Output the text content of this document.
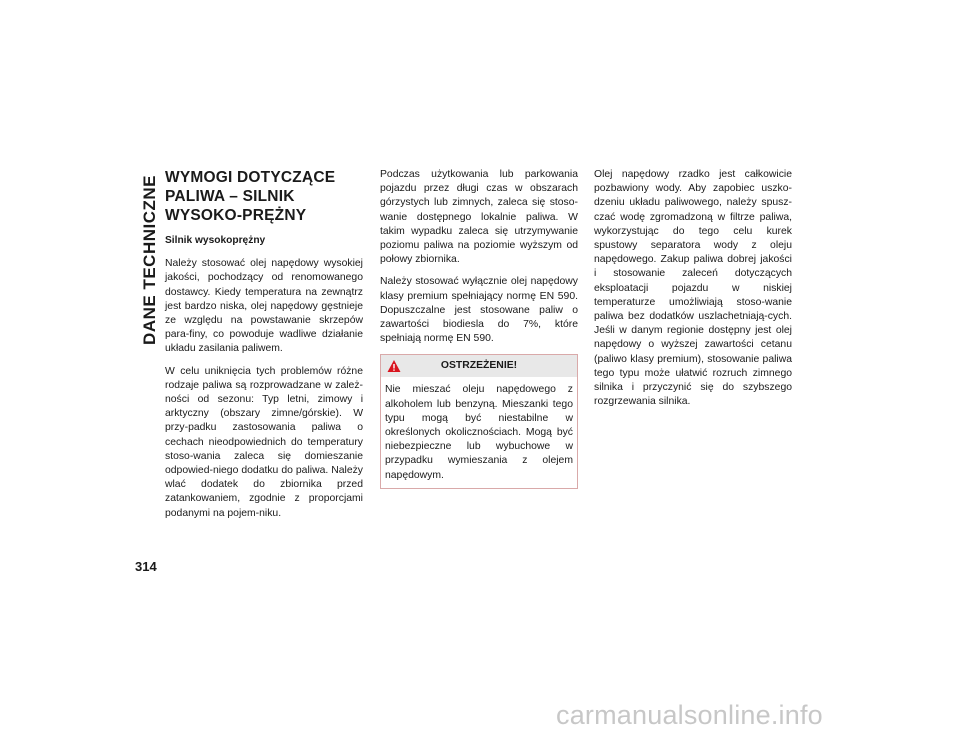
DANE TECHNICZNE
314
WYMOGI DOTYCZĄCE PALIWA – SILNIK WYSOKO-PRĘŻNY
Silnik wysokoprężny

Należy stosować olej napędowy wysokiej jakości, pochodzący od renomowanego dostawcy. Kiedy temperatura na zewnątrz jest bardzo niska, olej napędowy gęstnieje ze względu na powstawanie skrzepów para-finy, co powoduje wadliwe działanie układu zasilania paliwem.

W celu uniknięcia tych problemów różne rodzaje paliwa są rozprowadzane w zależ-ności od sezonu: Typ letni, zimowy i arktyczny (obszary zimne/górskie). W przy-padku zastosowania paliwa o cechach nieodpowiednich do temperatury stoso-wania zaleca się domieszanie odpowied-niego dodatku do paliwa. Należy wlać dodatek do zbiornika przed zatankowaniem, zgodnie z proporcjami podanymi na pojem-niku.

Podczas użytkowania lub parkowania pojazdu przez długi czas w obszarach górzystych lub zimnych, zaleca się stoso-wanie dostępnego lokalnie paliwa. W takim wypadku zaleca się utrzymywanie poziomu paliwa na poziomie wyższym od połowy zbiornika.

Należy stosować wyłącznie olej napędowy klasy premium spełniający normę EN 590. Dopuszczalne jest stosowane paliw o zawartości biodiesla do 7%, które spełniają normę EN 590.

OSTRZEŻENIE!

Nie mieszać oleju napędowego z alkoholem lub benzyną. Mieszanki tego typu mogą być niestabilne w określonych okolicznościach. Mogą być niebezpieczne lub wybuchowe w przypadku wymieszania z olejem napędowym.

Olej napędowy rzadko jest całkowicie pozbawiony wody. Aby zapobiec uszko-dzeniu układu paliwowego, należy spusz-czać wodę zgromadzoną w filtrze paliwa, wykorzystując do tego celu kurek spustowy separatora wody z oleju napędowego. Zakup paliwa dobrej jakości i stosowanie zaleceń dotyczących eksploatacji pojazdu w niskiej temperaturze umożliwiają stoso-wanie paliwa bez dodatków uszlachetniają-cych. Jeśli w danym regionie dostępny jest olej napędowy o wyższej zawartości cetanu (paliwo klasy premium), stosowanie paliwa tego typu może ułatwić rozruch zimnego silnika i przyczynić się do szybszego rozgrzewania silnika.

carmanualsonline.info
